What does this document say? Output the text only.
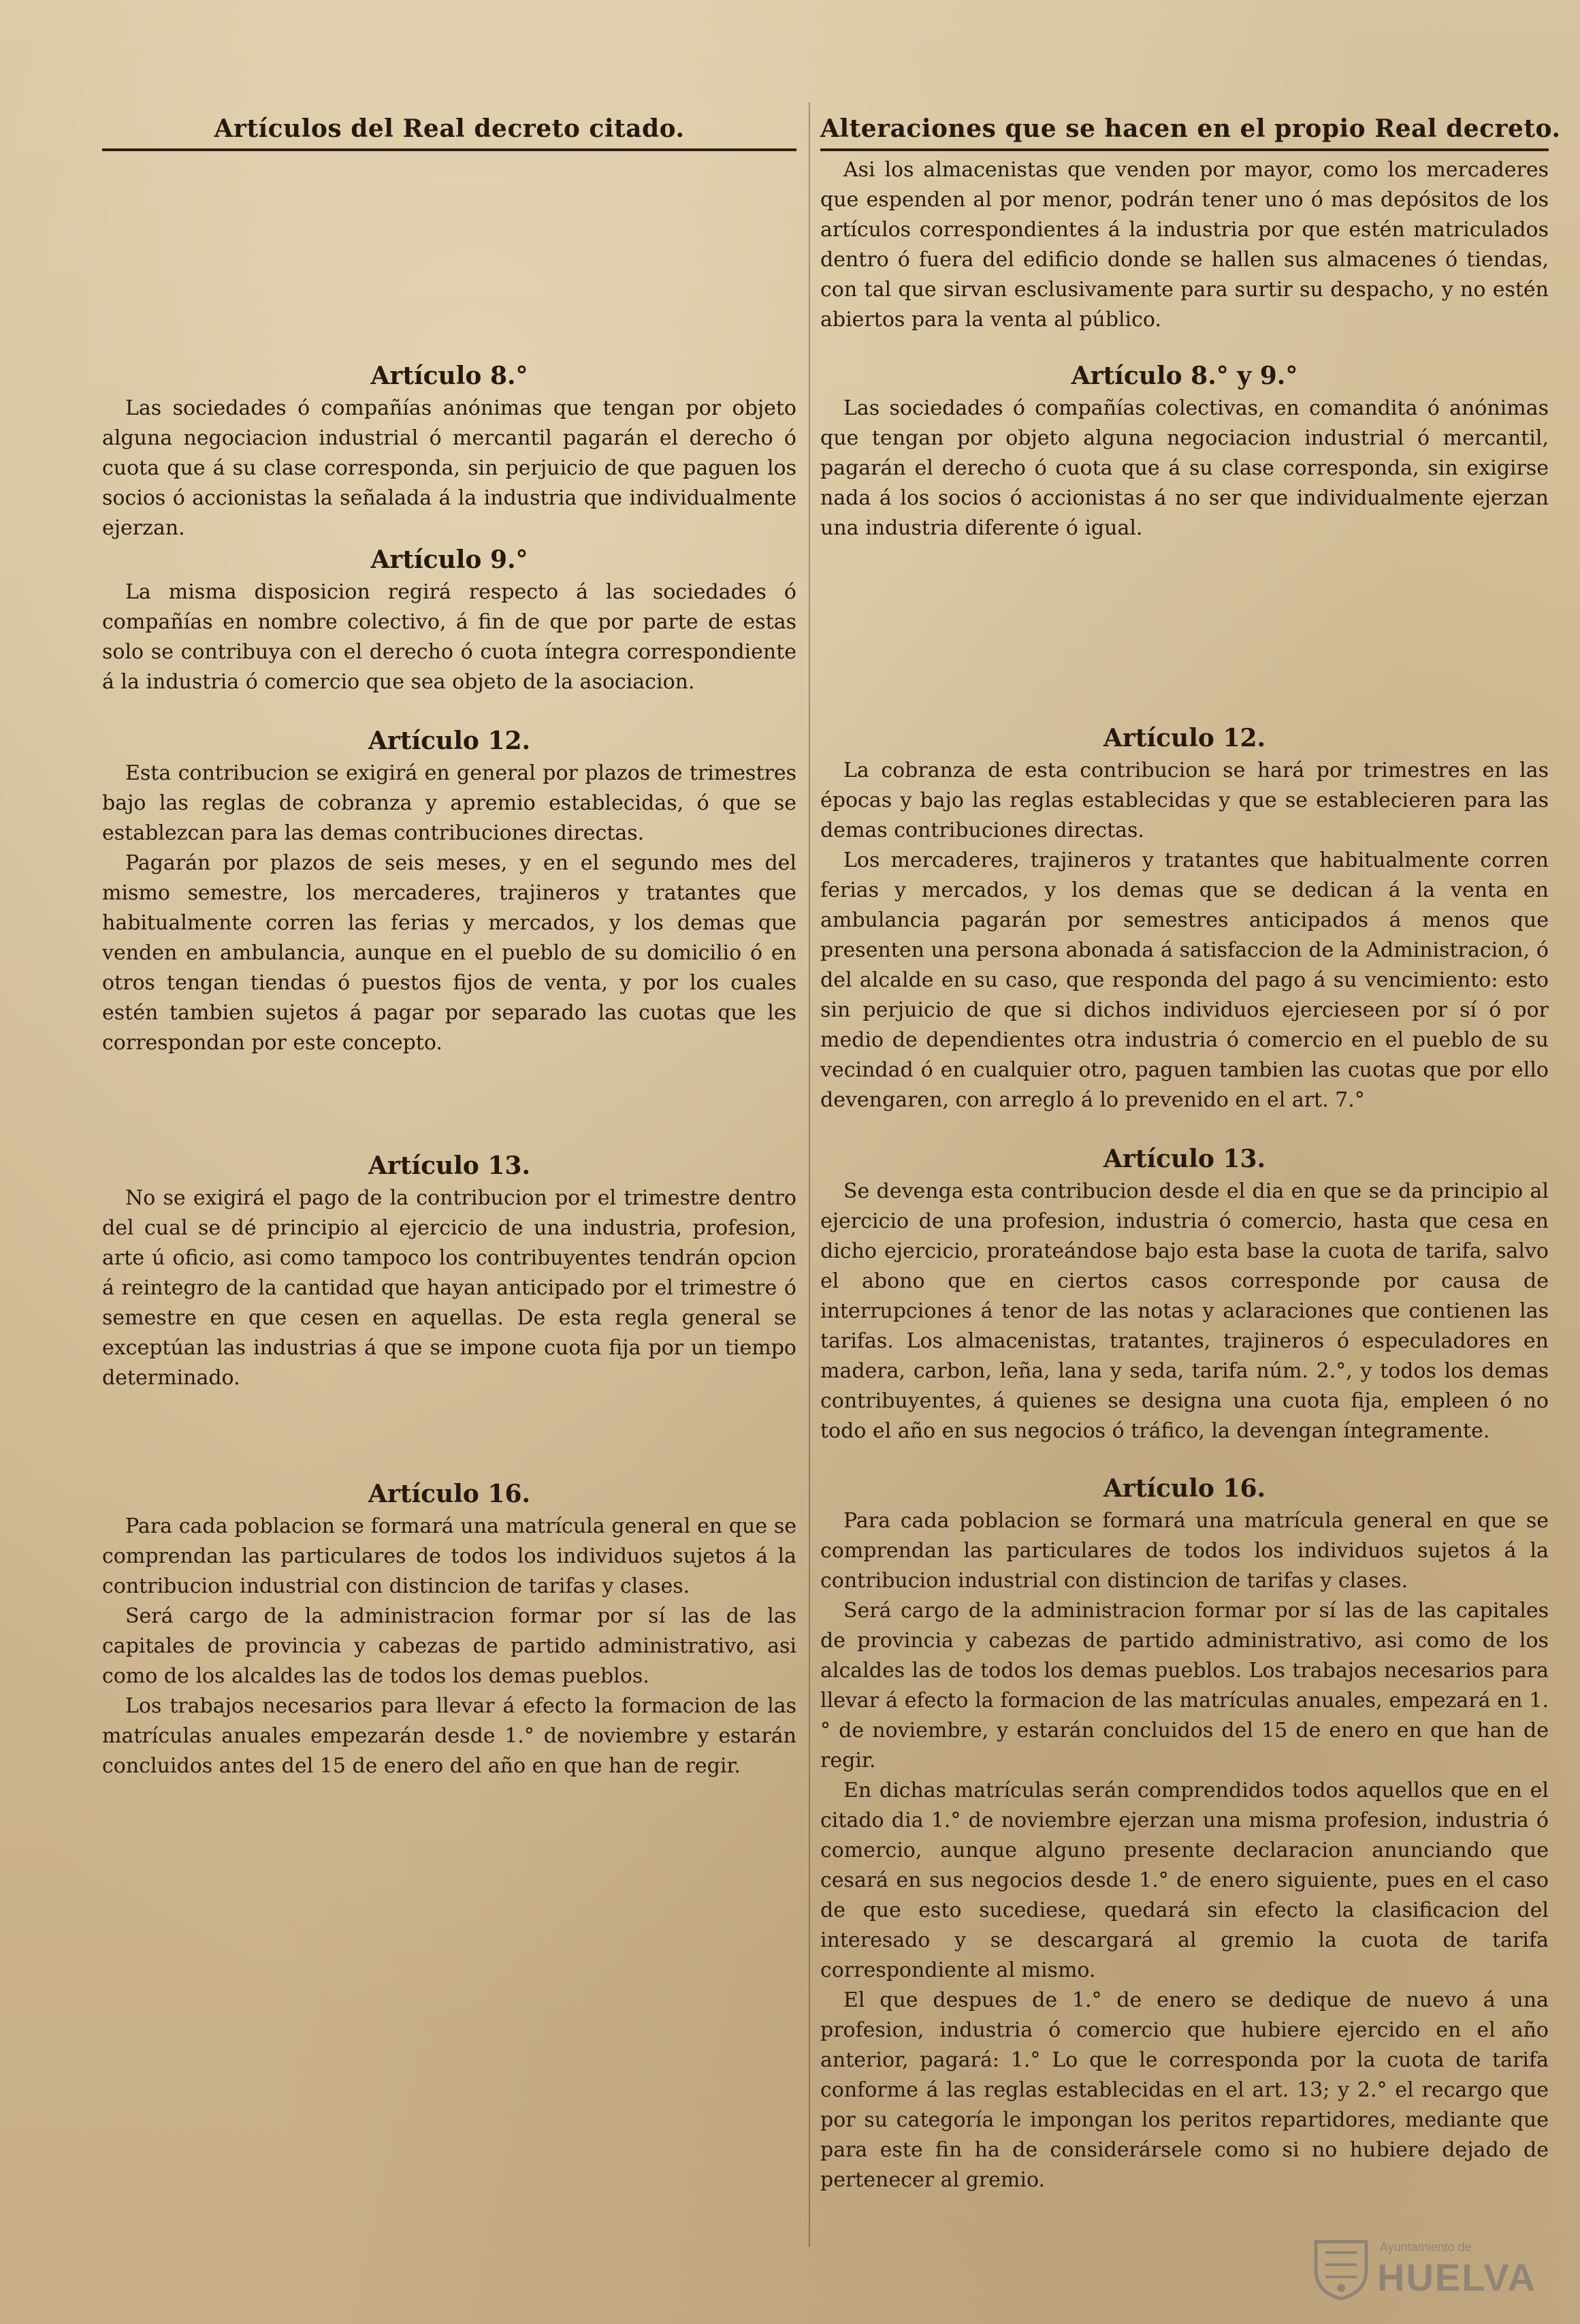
Artículos del Real decreto citado.
Artículo 8.°

Las sociedades ó compañías anónimas que tengan por objeto alguna negociacion industrial ó mercantil pagarán el derecho ó cuota que á su clase corresponda, sin perjuicio de que paguen los socios ó accionistas la señalada á la industria que individualmente ejerzan.

Artículo 9.°

La misma disposicion regirá respecto á las sociedades ó compañías en nombre colectivo, á fin de que por parte de estas solo se contribuya con el derecho ó cuota íntegra correspondiente á la industria ó comercio que sea objeto de la asociacion.

Artículo 12.

Esta contribucion se exigirá en general por plazos de trimestres bajo las reglas de cobranza y apremio establecidas, ó que se establezcan para las demas contribuciones directas.

Pagarán por plazos de seis meses, y en el segundo mes del mismo semestre, los mercaderes, trajineros y tratantes que habitualmente corren las ferias y mercados, y los demas que venden en ambulancia, aunque en el pueblo de su domicilio ó en otros tengan tiendas ó puestos fijos de venta, y por los cuales estén tambien sujetos á pagar por separado las cuotas que les correspondan por este concepto.

Artículo 13.

No se exigirá el pago de la contribucion por el trimestre dentro del cual se dé principio al ejercicio de una industria, profesion, arte ú oficio, asi como tampoco los contribuyentes tendrán opcion á reintegro de la cantidad que hayan anticipado por el trimestre ó semestre en que cesen en aquellas. De esta regla general se exceptúan las industrias á que se impone cuota fija por un tiempo determinado.

Artículo 16.

Para cada poblacion se formará una matrícula general en que se comprendan las particulares de todos los individuos sujetos á la contribucion industrial con distincion de tarifas y clases.

Será cargo de la administracion formar por sí las de las capitales de provincia y cabezas de partido administrativo, asi como de los alcaldes las de todos los demas pueblos.

Los trabajos necesarios para llevar á efecto la formacion de las matrículas anuales empezarán desde 1.° de noviembre y estarán concluidos antes del 15 de enero del año en que han de regir.

Alteraciones que se hacen en el propio Real decreto.

Asi los almacenistas que venden por mayor, como los mercaderes que espenden al por menor, podrán tener uno ó mas depósitos de los artículos correspondientes á la industria por que estén matriculados dentro ó fuera del edificio donde se hallen sus almacenes ó tiendas, con tal que sirvan esclusivamente para surtir su despacho, y no estén abiertos para la venta al público.

Artículo 8.° y 9.°

Las sociedades ó compañías colectivas, en comandita ó anónimas que tengan por objeto alguna negociacion industrial ó mercantil, pagarán el derecho ó cuota que á su clase corresponda, sin exigirse nada á los socios ó accionistas á no ser que individualmente ejerzan una industria diferente ó igual.

Artículo 12.

La cobranza de esta contribucion se hará por trimestres en las épocas y bajo las reglas establecidas y que se establecieren para las demas contribuciones directas.

Los mercaderes, trajineros y tratantes que habitualmente corren ferias y mercados, y los demas que se dedican á la venta en ambulancia pagarán por semestres anticipados á menos que presenten una persona abonada á satisfaccion de la Administracion, ó del alcalde en su caso, que responda del pago á su vencimiento: esto sin perjuicio de que si dichos individuos ejercieseen por sí ó por medio de dependientes otra industria ó comercio en el pueblo de su vecindad ó en cualquier otro, paguen tambien las cuotas que por ello devengaren, con arreglo á lo prevenido en el art. 7.°

Artículo 13.

Se devenga esta contribucion desde el dia en que se da principio al ejercicio de una profesion, industria ó comercio, hasta que cesa en dicho ejercicio, prorateándose bajo esta base la cuota de tarifa, salvo el abono que en ciertos casos corresponde por causa de interrupciones á tenor de las notas y aclaraciones que contienen las tarifas. Los almacenistas, tratantes, trajineros ó especuladores en madera, carbon, leña, lana y seda, tarifa núm. 2.°, y todos los demas contribuyentes, á quienes se designa una cuota fija, empleen ó no todo el año en sus negocios ó tráfico, la devengan íntegramente.

Artículo 16.

Para cada poblacion se formará una matrícula general en que se comprendan las particulares de todos los individuos sujetos á la contribucion industrial con distincion de tarifas y clases.

Será cargo de la administracion formar por sí las de las capitales de provincia y cabezas de partido administrativo, asi como de los alcaldes las de todos los demas pueblos. Los trabajos necesarios para llevar á efecto la formacion de las matrículas anuales, empezará en 1.° de noviembre, y estarán concluidos del 15 de enero en que han de regir.

En dichas matrículas serán comprendidos todos aquellos que en el citado dia 1.° de noviembre ejerzan una misma profesion, industria ó comercio, aunque alguno presente declaracion anunciando que cesará en sus negocios desde 1.° de enero siguiente, pues en el caso de que esto sucediese, quedará sin efecto la clasificacion del interesado y se descargará al gremio la cuota de tarifa correspondiente al mismo.

El que despues de 1.° de enero se dedique de nuevo á una profesion, industria ó comercio que hubiere ejercido en el año anterior, pagará: 1.° Lo que le corresponda por la cuota de tarifa conforme á las reglas establecidas en el art. 13; y 2.° el recargo que por su categoría le impongan los peritos repartidores, mediante que para este fin ha de considerársele como si no hubiere dejado de pertenecer al gremio.

Ayuntamiento de
HUELVA
